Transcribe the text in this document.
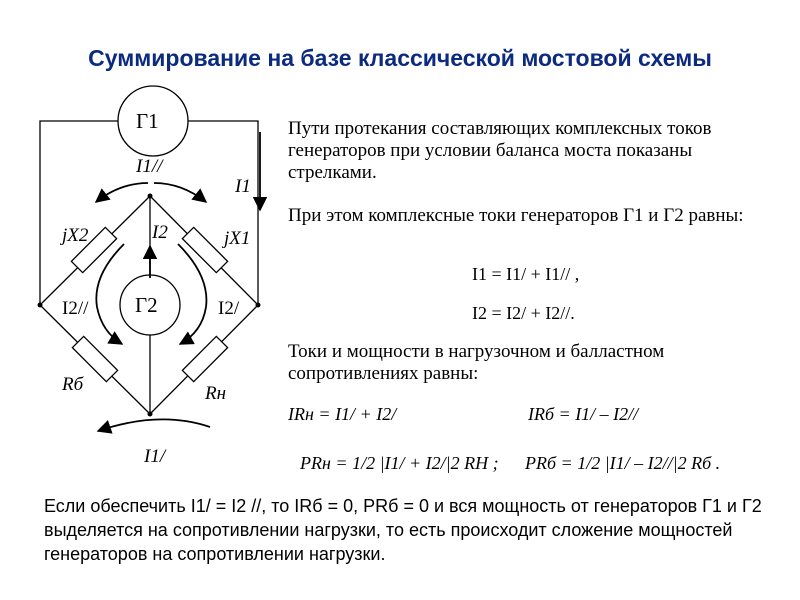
Суммирование на базе классической мостовой схемы
Г1
Г2
I1//
I1
jX2	I2	jX1
I2//	I2/
Rб	Rн
I1/
Пути протекания составляющих комплексных токов генераторов при условии баланса моста показаны стрелками.
При этом комплексные токи генераторов Г1 и Г2 равны:
I1 = I1/ + I1// ,
I2 = I2/ + I2//.
Токи и мощности в нагрузочном и балластном сопротивлениях равны:
IRн = I1/ + I2/	IRб = I1/ – I2//
PRн = 1/2 |I1/ + I2/|2 RН ; PRб = 1/2 |I1/ – I2//|2 Rб .
Если обеспечить I1/ = I2 //, то IRб = 0, PRб = 0 и вся мощность от генераторов Г1 и Г2 выделяется на сопротивлении нагрузки, то есть происходит сложение мощностей генераторов на сопротивлении нагрузки.
